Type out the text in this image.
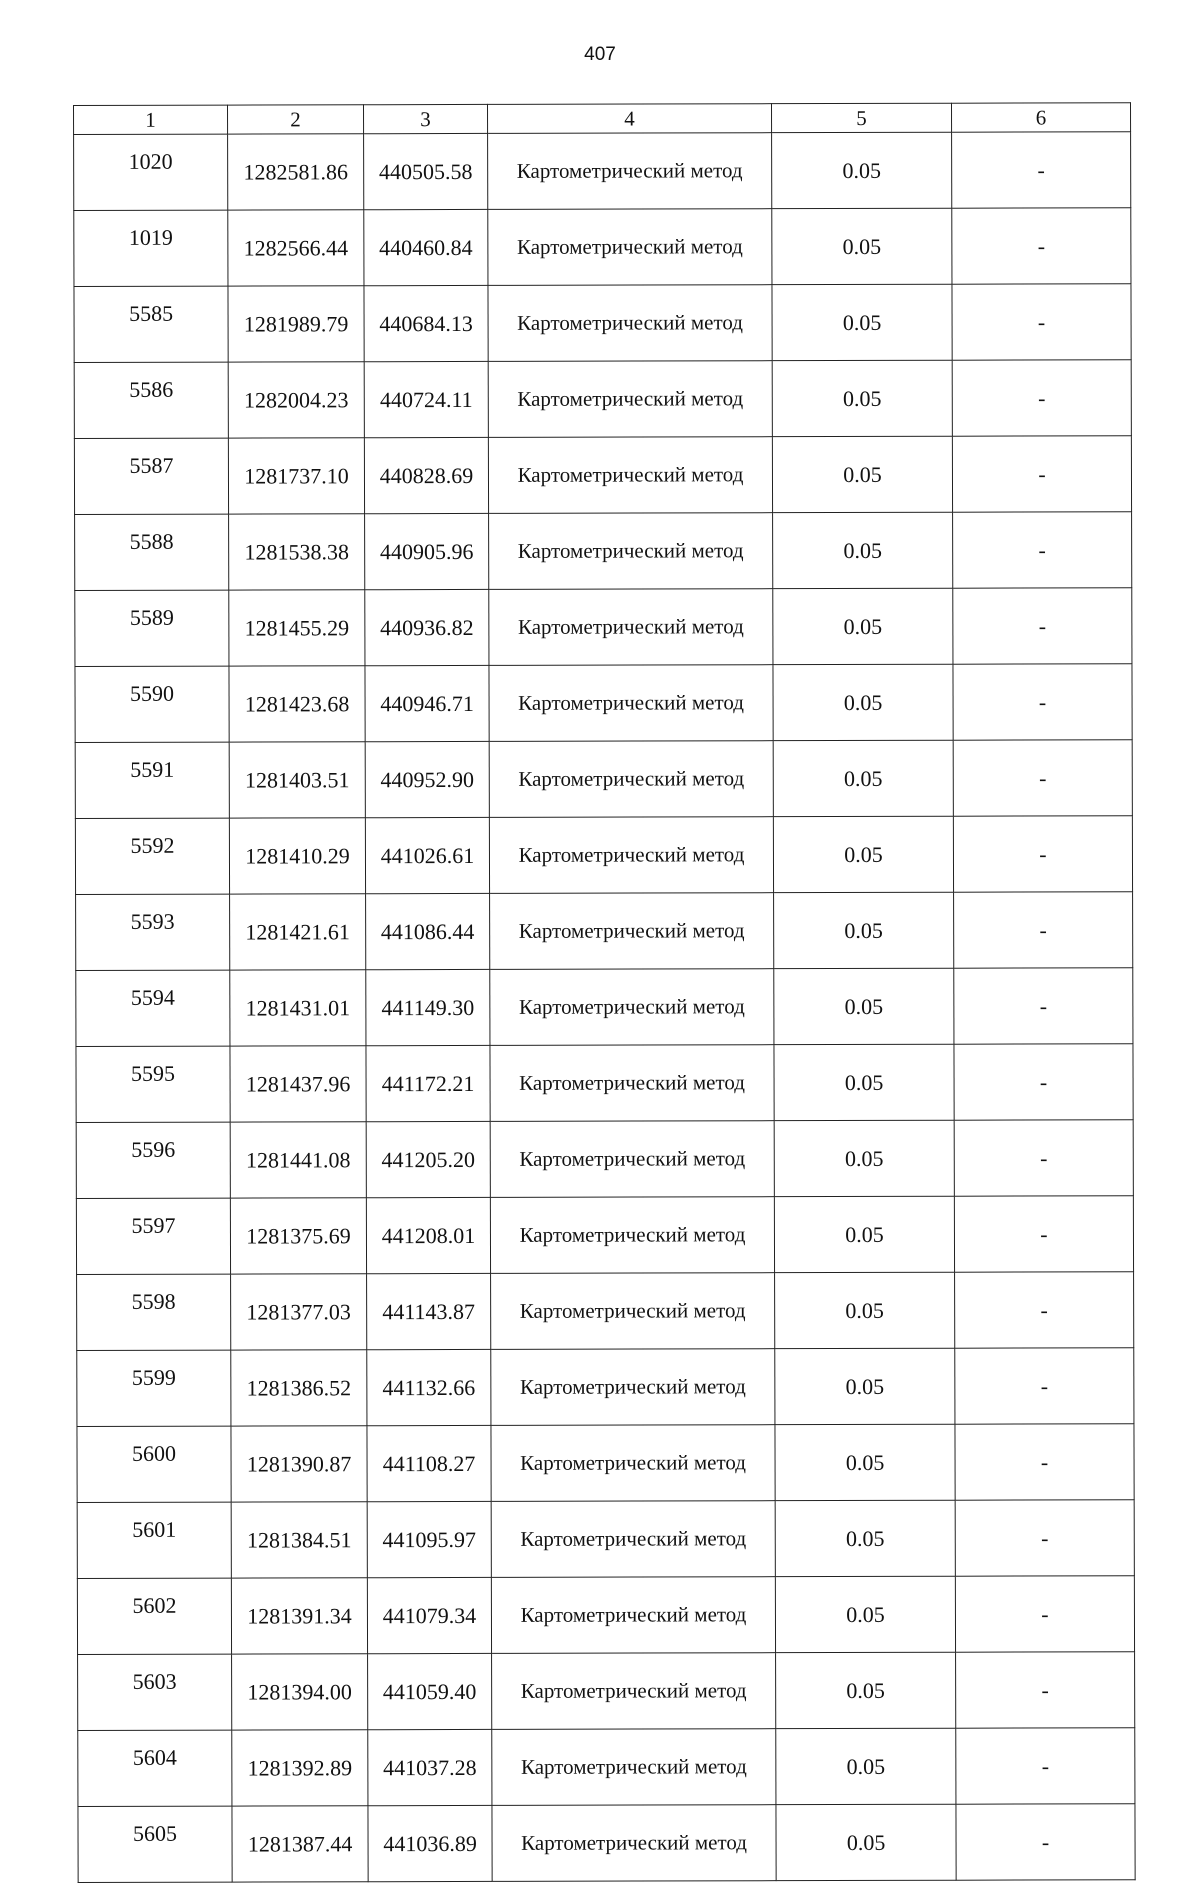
407
1	2	3	4	5	6
1020	1282581.86	440505.58	Картометрический метод	0.05	-
1019	1282566.44	440460.84	Картометрический метод	0.05	-
5585	1281989.79	440684.13	Картометрический метод	0.05	-
5586	1282004.23	440724.11	Картометрический метод	0.05	-
5587	1281737.10	440828.69	Картометрический метод	0.05	-
5588	1281538.38	440905.96	Картометрический метод	0.05	-
5589	1281455.29	440936.82	Картометрический метод	0.05	-
5590	1281423.68	440946.71	Картометрический метод	0.05	-
5591	1281403.51	440952.90	Картометрический метод	0.05	-
5592	1281410.29	441026.61	Картометрический метод	0.05	-
5593	1281421.61	441086.44	Картометрический метод	0.05	-
5594	1281431.01	441149.30	Картометрический метод	0.05	-
5595	1281437.96	441172.21	Картометрический метод	0.05	-
5596	1281441.08	441205.20	Картометрический метод	0.05	-
5597	1281375.69	441208.01	Картометрический метод	0.05	-
5598	1281377.03	441143.87	Картометрический метод	0.05	-
5599	1281386.52	441132.66	Картометрический метод	0.05	-
5600	1281390.87	441108.27	Картометрический метод	0.05	-
5601	1281384.51	441095.97	Картометрический метод	0.05	-
5602	1281391.34	441079.34	Картометрический метод	0.05	-
5603	1281394.00	441059.40	Картометрический метод	0.05	-
5604	1281392.89	441037.28	Картометрический метод	0.05	-
5605	1281387.44	441036.89	Картометрический метод	0.05	-
